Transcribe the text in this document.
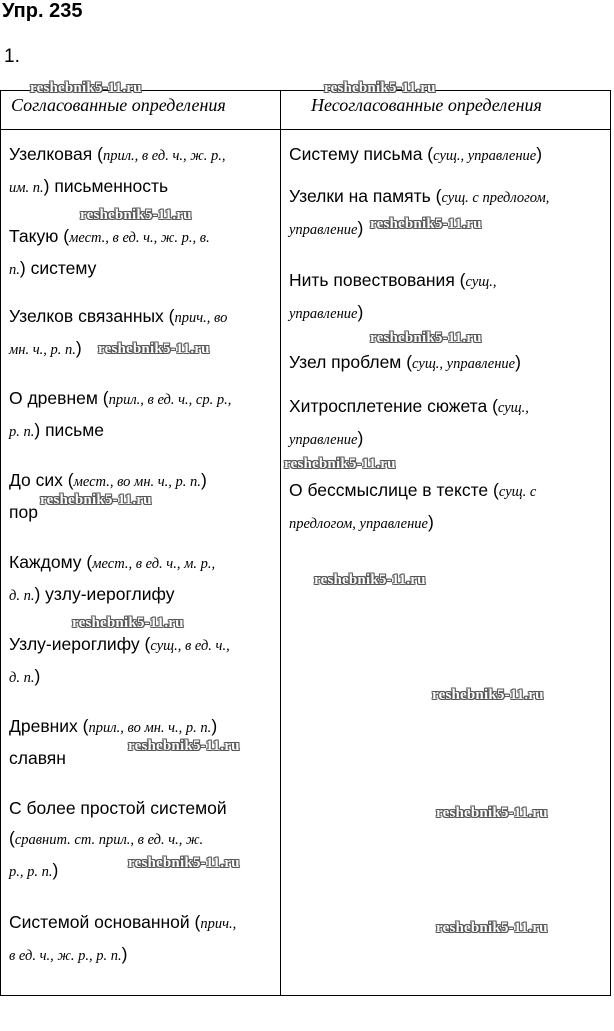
Упр. 235
1.
Согласованные определения	Несогласованные определения
Узелковая (прил., в ед. ч., ж. р.,
им. п.) письменность
Такую (мест., в ед. ч., ж. р., в.
п.) систему
Узелков связанных (прич., во
мн. ч., р. п.)
О древнем (прил., в ед. ч., ср. р.,
р. п.) письме
До сих (мест., во мн. ч., р. п.)
пор
Каждому (мест., в ед. ч., м. р.,
д. п.) узлу-иероглифу
Узлу-иероглифу (сущ., в ед. ч.,
д. п.)
Древних (прил., во мн. ч., р. п.)
славян
С более простой системой
(сравнит. ст. прил., в ед. ч., ж.
р., р. п.)
Системой основанной (прич.,
в ед. ч., ж. р., р. п.)
Систему письма (сущ., управление)
Узелки на память (сущ. с предлогом,
управление)
Нить повествования (сущ.,
управление)
Узел проблем (сущ., управление)
Хитросплетение сюжета (сущ.,
управление)
О бессмыслице в тексте (сущ. с
предлогом, управление)
reshebnik5-11.ru	reshebnik5-11.ru
reshebnik5-11.ru
reshebnik5-11.ru
reshebnik5-11.ru
reshebnik5-11.ru
reshebnik5-11.ru
reshebnik5-11.ru
reshebnik5-11.ru
reshebnik5-11.ru
reshebnik5-11.ru
reshebnik5-11.ru
reshebnik5-11.ru
reshebnik5-11.ru
reshebnik5-11.ru
